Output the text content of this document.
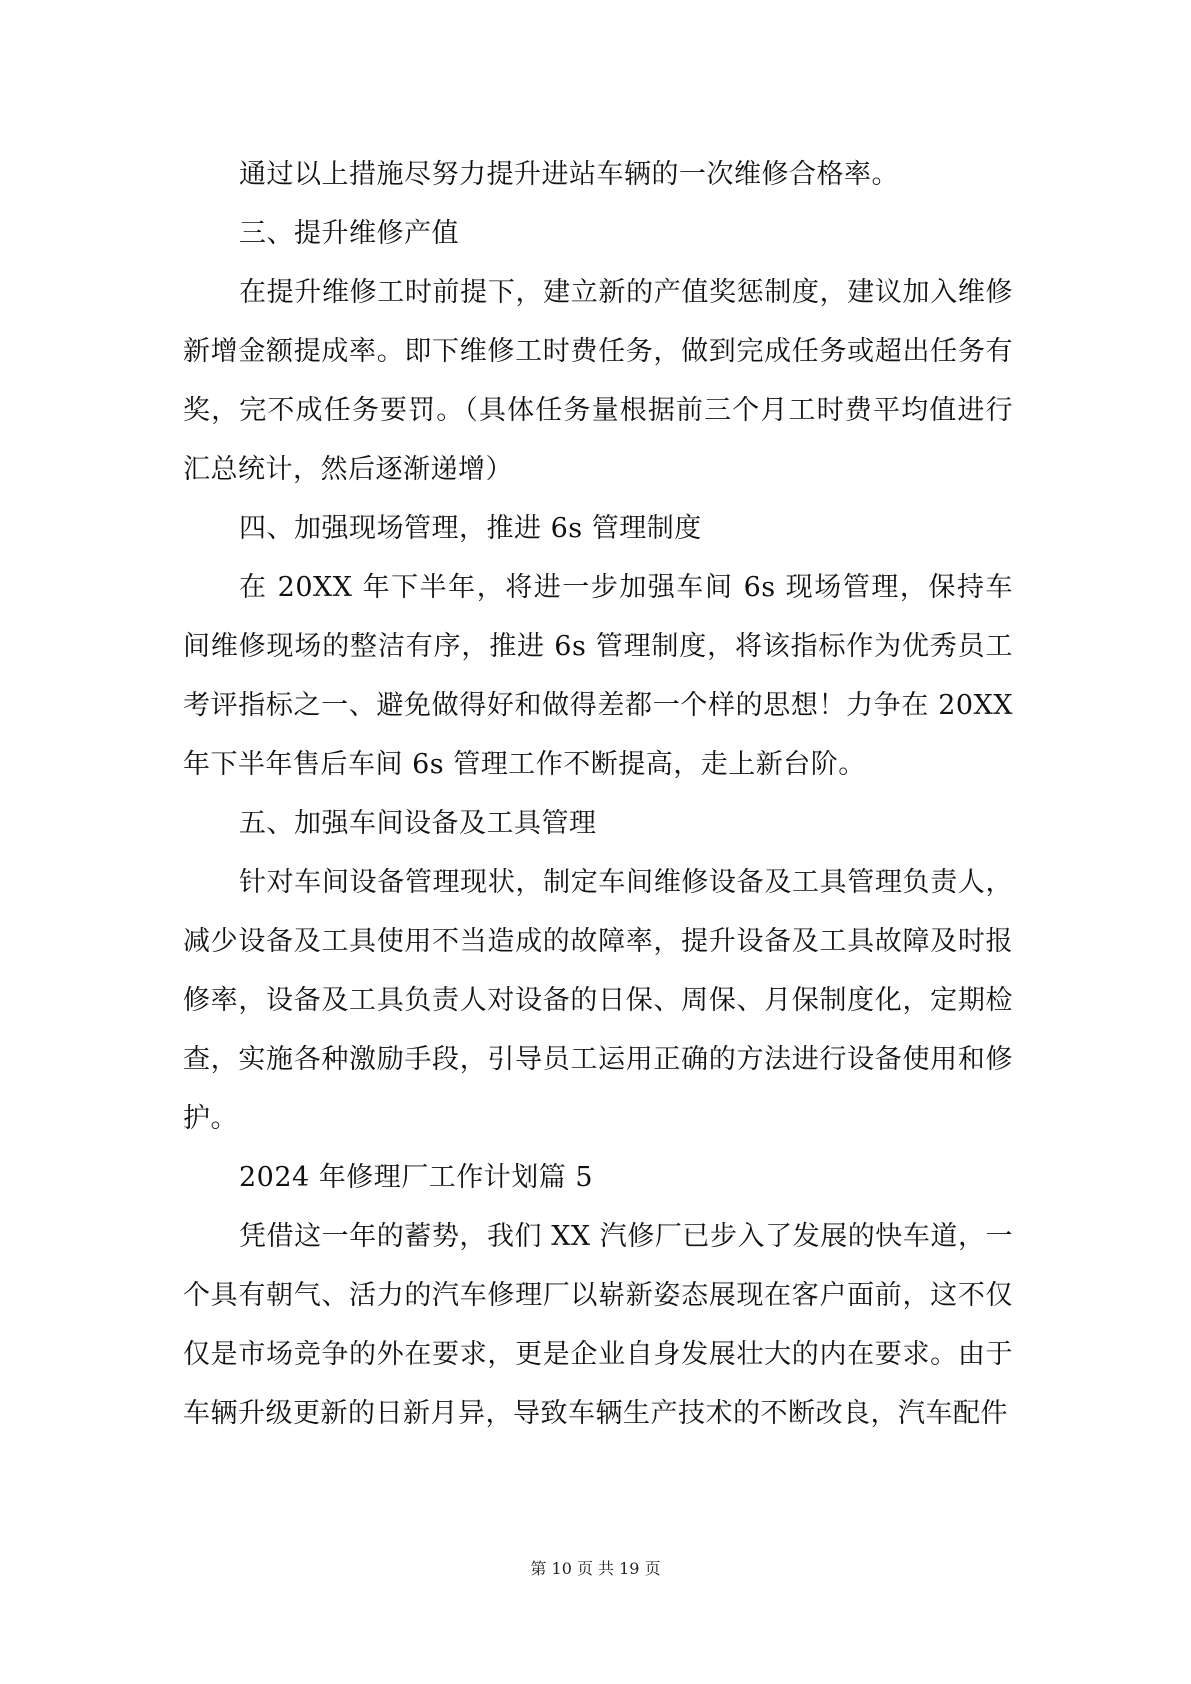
通过以上措施尽努力提升进站车辆的一次维修合格率。

三、提升维修产值

在提升维修工时前提下，建立新的产值奖惩制度，建议加入维修新增金额提成率。即下维修工时费任务，做到完成任务或超出任务有奖，完不成任务要罚。（具体任务量根据前三个月工时费平均值进行汇总统计，然后逐渐递增）

四、加强现场管理，推进 6s 管理制度

在 20XX 年下半年，将进一步加强车间 6s 现场管理，保持车间维修现场的整洁有序，推进 6s 管理制度，将该指标作为优秀员工考评指标之一、避免做得好和做得差都一个样的思想！力争在 20XX 年下半年售后车间 6s 管理工作不断提高，走上新台阶。

五、加强车间设备及工具管理

针对车间设备管理现状，制定车间维修设备及工具管理负责人，减少设备及工具使用不当造成的故障率，提升设备及工具故障及时报修率，设备及工具负责人对设备的日保、周保、月保制度化，定期检查，实施各种激励手段，引导员工运用正确的方法进行设备使用和修护。

2024 年修理厂工作计划篇 5

凭借这一年的蓄势，我们 XX 汽修厂已步入了发展的快车道，一个具有朝气、活力的汽车修理厂以崭新姿态展现在客户面前，这不仅仅是市场竞争的外在要求，更是企业自身发展壮大的内在要求。由于车辆升级更新的日新月异，导致车辆生产技术的不断改良，汽车配件

第 10 页 共 19 页
